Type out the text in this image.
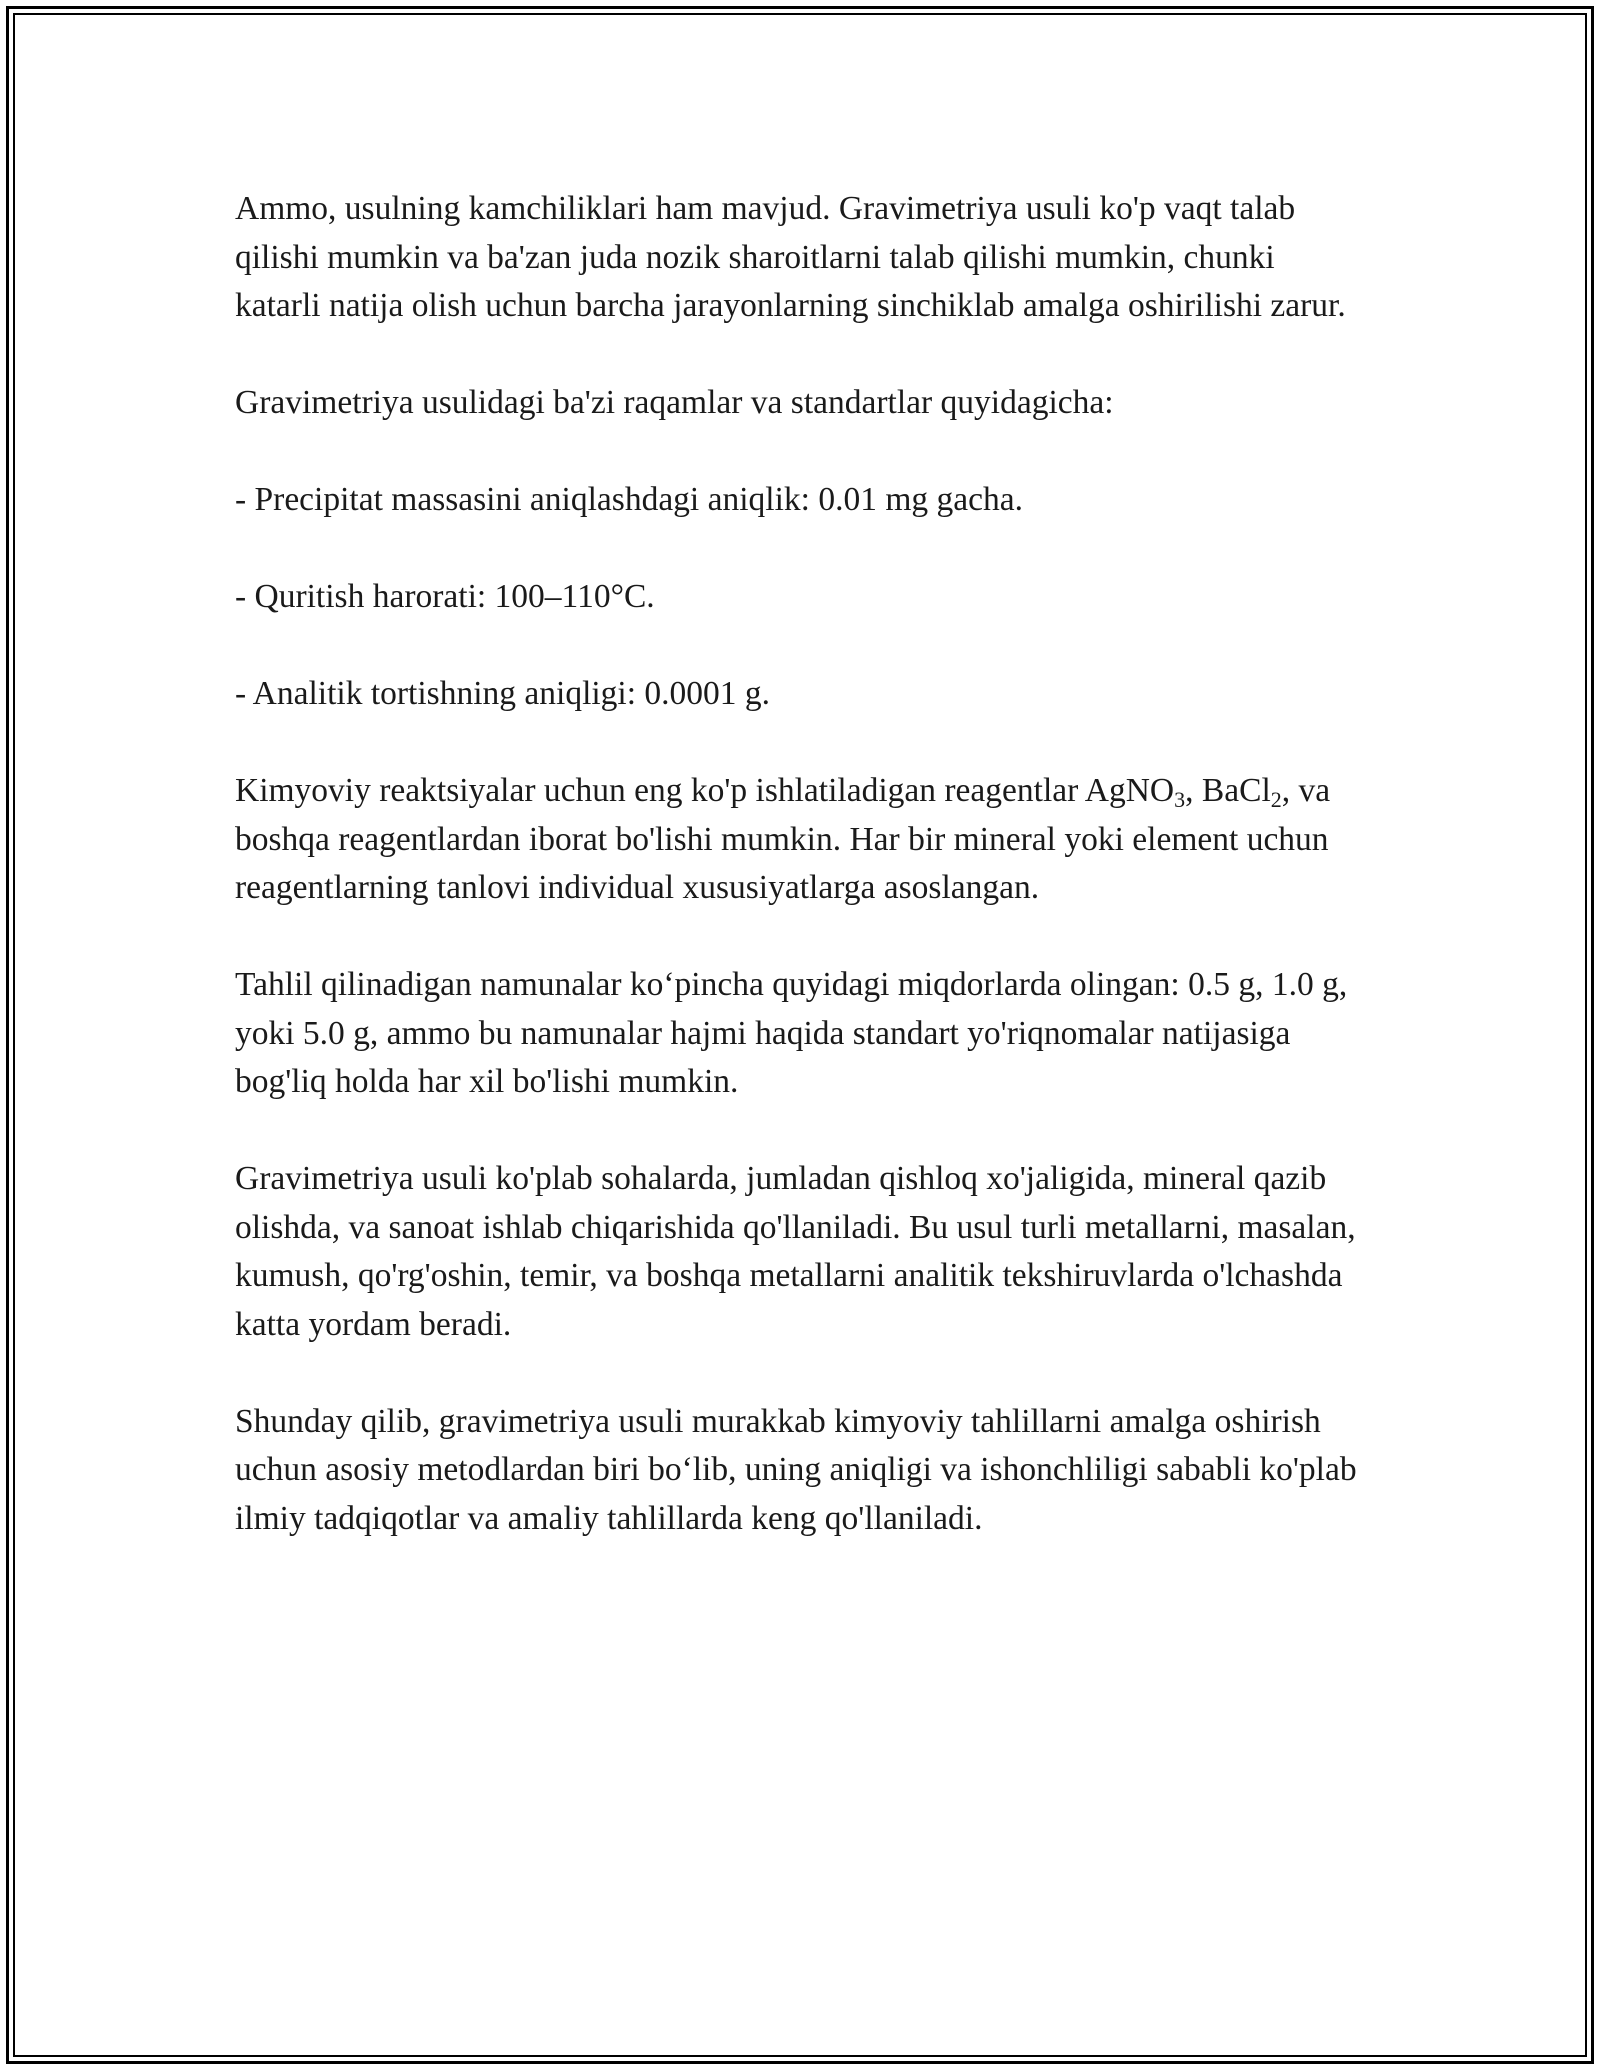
Ammo, usulning kamchiliklari ham mavjud. Gravimetriya usuli ko'p vaqt talab qilishi mumkin va ba'zan juda nozik sharoitlarni talab qilishi mumkin, chunki katarli natija olish uchun barcha jarayonlarning sinchiklab amalga oshirilishi zarur.

Gravimetriya usulidagi ba'zi raqamlar va standartlar quyidagicha:

- Precipitat massasini aniqlashdagi aniqlik: 0.01 mg gacha.

- Quritish harorati: 100–110°C.

- Analitik tortishning aniqligi: 0.0001 g.

Kimyoviy reaktsiyalar uchun eng ko'p ishlatiladigan reagentlar AgNO$_3$, BaCl$_2$, va boshqa reagentlardan iborat bo'lishi mumkin. Har bir mineral yoki element uchun reagentlarning tanlovi individual xususiyatlarga asoslangan.

Tahlil qilinadigan namunalar ko‘pincha quyidagi miqdorlarda olingan: 0.5 g, 1.0 g, yoki 5.0 g, ammo bu namunalar hajmi haqida standart yo'riqnomalar natijasiga bog'liq holda har xil bo'lishi mumkin.

Gravimetriya usuli ko'plab sohalarda, jumladan qishloq xo'jaligida, mineral qazib olishda, va sanoat ishlab chiqarishida qo'llaniladi. Bu usul turli metallarni, masalan, kumush, qo'rg'oshin, temir, va boshqa metallarni analitik tekshiruvlarda o'lchashda katta yordam beradi.

Shunday qilib, gravimetriya usuli murakkab kimyoviy tahlillarni amalga oshirish uchun asosiy metodlardan biri bo‘lib, uning aniqligi va ishonchliligi sababli ko'plab ilmiy tadqiqotlar va amaliy tahlillarda keng qo'llaniladi.
